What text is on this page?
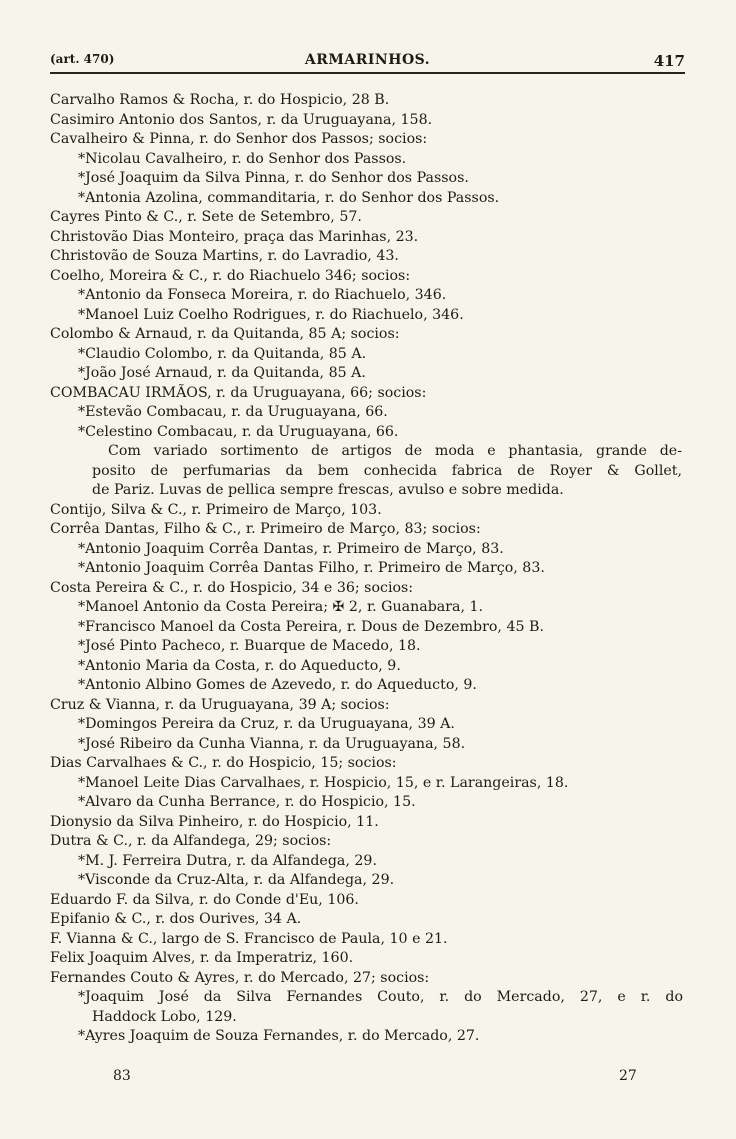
(art. 470)	ARMARINHOS.	417
Carvalho Ramos & Rocha, r. do Hospicio, 28 B.
Casimiro Antonio dos Santos, r. da Uruguayana, 158.
Cavalheiro & Pinna, r. do Senhor dos Passos; socios:
*Nicolau Cavalheiro, r. do Senhor dos Passos.
*José Joaquim da Silva Pinna, r. do Senhor dos Passos.
*Antonia Azolina, commanditaria, r. do Senhor dos Passos.
Cayres Pinto & C., r. Sete de Setembro, 57.
Christovão Dias Monteiro, praça das Marinhas, 23.
Christovão de Souza Martins, r. do Lavradio, 43.
Coelho, Moreira & C., r. do Riachuelo 346; socios:
*Antonio da Fonseca Moreira, r. do Riachuelo, 346.
*Manoel Luiz Coelho Rodrigues, r. do Riachuelo, 346.
Colombo & Arnaud, r. da Quitanda, 85 A; socios:
*Claudio Colombo, r. da Quitanda, 85 A.
*João José Arnaud, r. da Quitanda, 85 A.
COMBACAU IRMÃOS, r. da Uruguayana, 66; socios:
*Estevão Combacau, r. da Uruguayana, 66.
*Celestino Combacau, r. da Uruguayana, 66.
Com variado sortimento de artigos de moda e phantasia, grande de-
posito de perfumarias da bem conhecida fabrica de Royer & Gollet,
de Pariz. Luvas de pellica sempre frescas, avulso e sobre medida.
Contijo, Silva & C., r. Primeiro de Março, 103.
Corrêa Dantas, Filho & C., r. Primeiro de Março, 83; socios:
*Antonio Joaquim Corrêa Dantas, r. Primeiro de Março, 83.
*Antonio Joaquim Corrêa Dantas Filho, r. Primeiro de Março, 83.
Costa Pereira & C., r. do Hospicio, 34 e 36; socios:
*Manoel Antonio da Costa Pereira; ✠ 2, r. Guanabara, 1.
*Francisco Manoel da Costa Pereira, r. Dous de Dezembro, 45 B.
*José Pinto Pacheco, r. Buarque de Macedo, 18.
*Antonio Maria da Costa, r. do Aqueducto, 9.
*Antonio Albino Gomes de Azevedo, r. do Aqueducto, 9.
Cruz & Vianna, r. da Uruguayana, 39 A; socios:
*Domingos Pereira da Cruz, r. da Uruguayana, 39 A.
*José Ribeiro da Cunha Vianna, r. da Uruguayana, 58.
Dias Carvalhaes & C., r. do Hospicio, 15; socios:
*Manoel Leite Dias Carvalhaes, r. Hospicio, 15, e r. Larangeiras, 18.
*Alvaro da Cunha Berrance, r. do Hospicio, 15.
Dionysio da Silva Pinheiro, r. do Hospicio, 11.
Dutra & C., r. da Alfandega, 29; socios:
*M. J. Ferreira Dutra, r. da Alfandega, 29.
*Visconde da Cruz-Alta, r. da Alfandega, 29.
Eduardo F. da Silva, r. do Conde d'Eu, 106.
Epifanio & C., r. dos Ourives, 34 A.
F. Vianna & C., largo de S. Francisco de Paula, 10 e 21.
Felix Joaquim Alves, r. da Imperatriz, 160.
Fernandes Couto & Ayres, r. do Mercado, 27; socios:
*Joaquim José da Silva Fernandes Couto, r. do Mercado, 27, e r. do
Haddock Lobo, 129.
*Ayres Joaquim de Souza Fernandes, r. do Mercado, 27.
83	27
